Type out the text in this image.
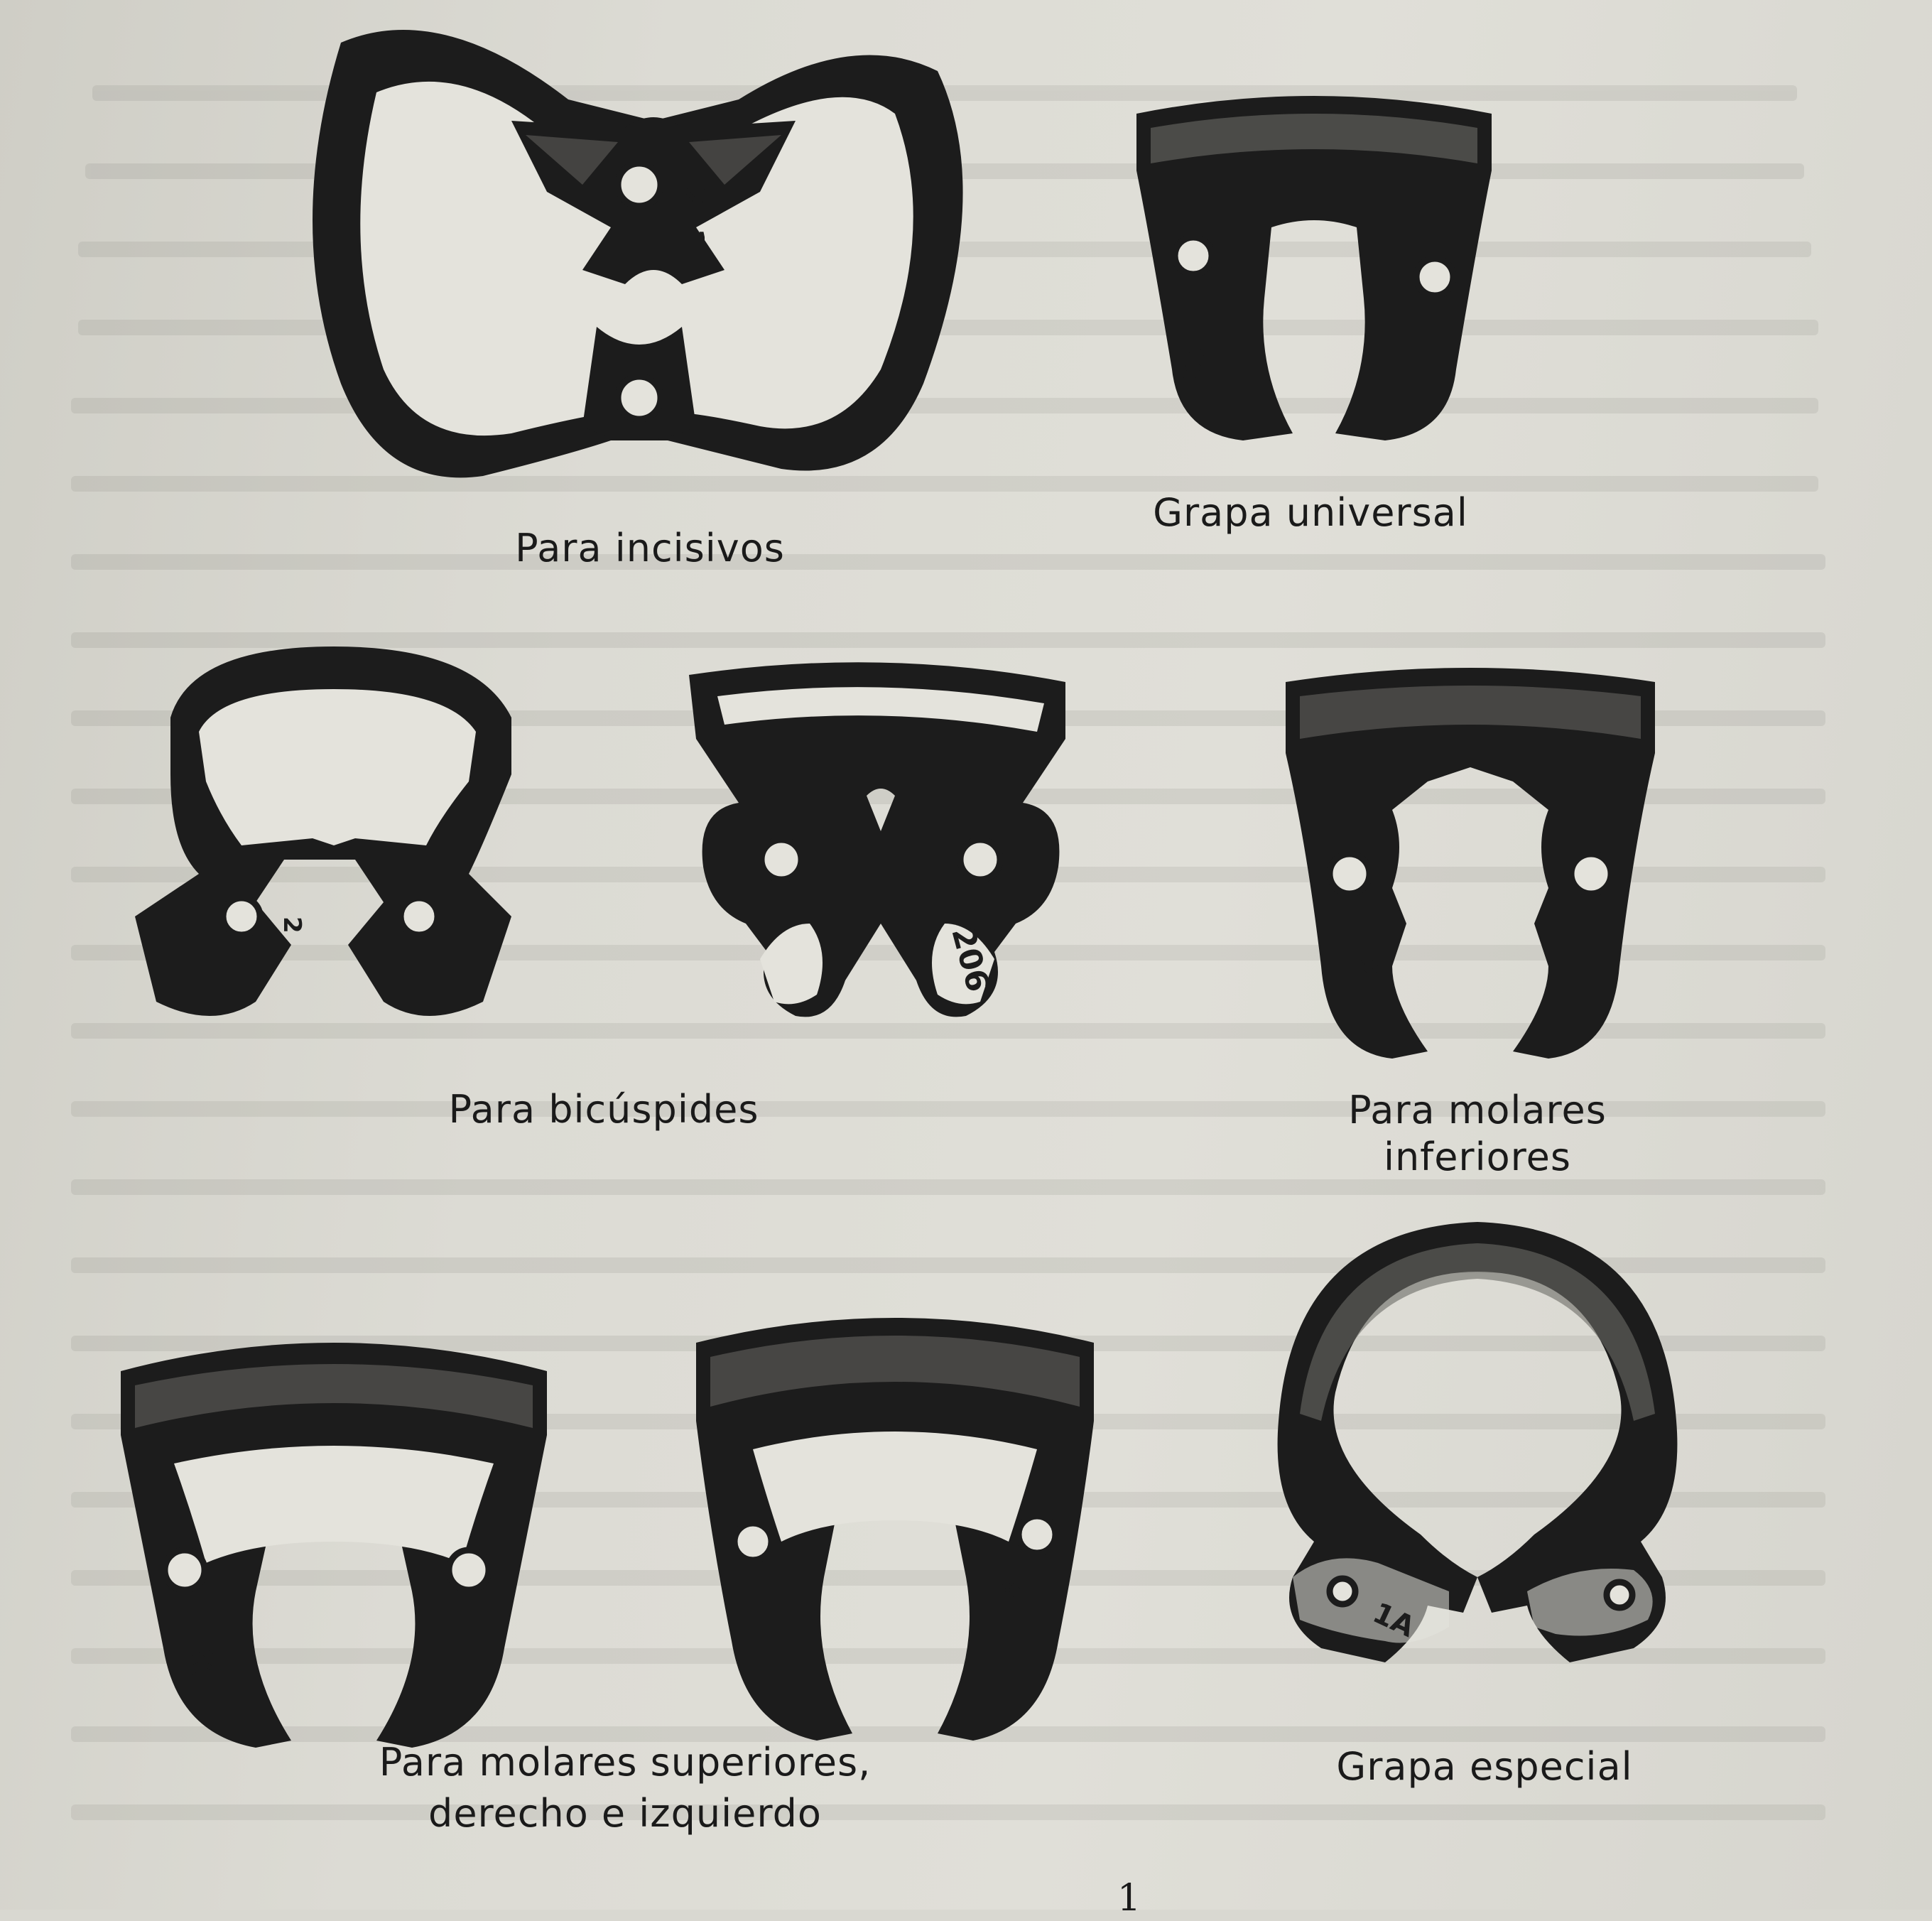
211
Para incisivos
26
Grapa universal
2	206
Para bicúspides
12
Para molares
inferiores
30
18
Para molares superiores,
derecho e izquierdo
1A
Grapa especial
1
